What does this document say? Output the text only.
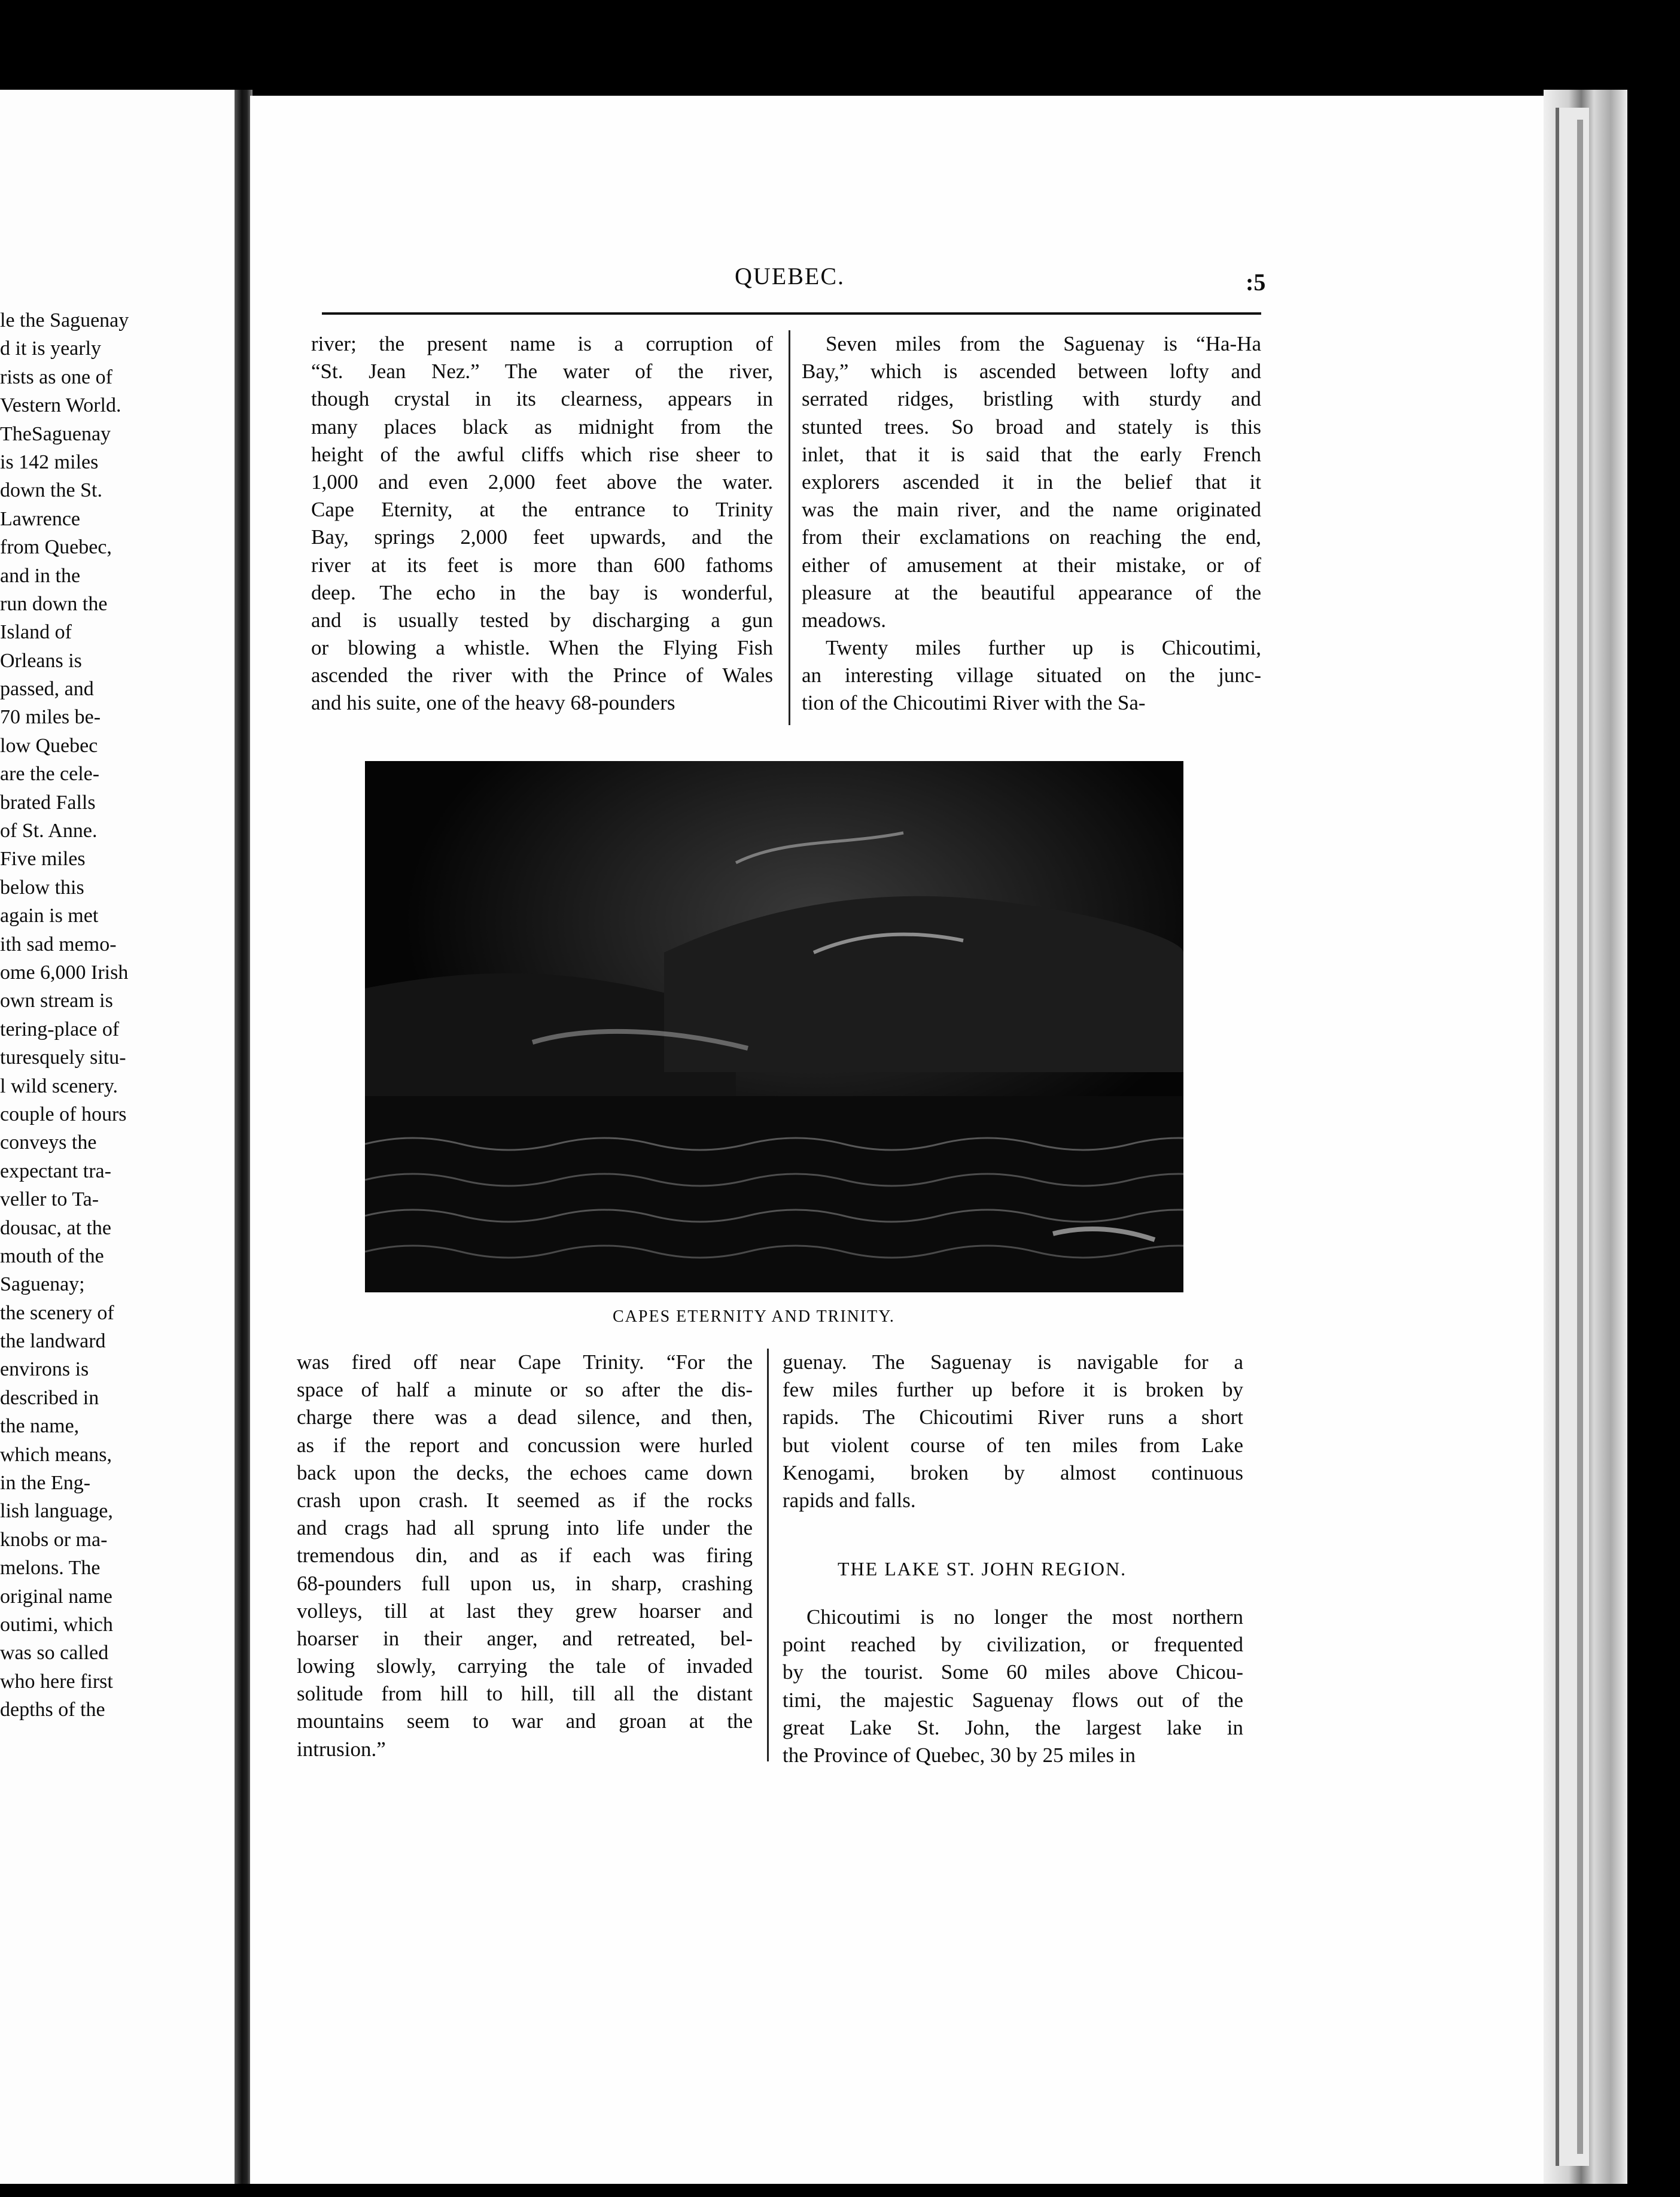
le the Saguenay
d it is yearly
rists as one of
Vestern World.
TheSaguenay
is 142 miles
down the St.
Lawrence
from Quebec,
and in the
run down the
Island of
Orleans is
passed, and
70 miles be-
low Quebec
are the cele-
brated Falls
of St. Anne.
Five miles
below this
again is met
ith sad memo-
ome 6,000 Irish
own stream is
tering-place of
turesquely situ-
l wild scenery.
couple of hours
conveys the
expectant tra-
veller to Ta-
dousac, at the
mouth of the
Saguenay;
the scenery of
the landward
environs is
described in
the name,
which means,
in the Eng-
lish language,
knobs or ma-
melons. The
original name
outimi, which
was so called
who here first
depths of the
QUEBEC.	:5
river; the present name is a corruption of
“St. Jean Nez.” The water of the river,
though crystal in its clearness, appears in
many places black as midnight from the
height of the awful cliffs which rise sheer to
1,000 and even 2,000 feet above the water.
Cape Eternity, at the entrance to Trinity
Bay, springs 2,000 feet upwards, and the
river at its feet is more than 600 fathoms
deep. The echo in the bay is wonderful,
and is usually tested by discharging a gun
or blowing a whistle. When the Flying Fish
ascended the river with the Prince of Wales
and his suite, one of the heavy 68-pounders
Seven miles from the Saguenay is “Ha-Ha
Bay,” which is ascended between lofty and
serrated ridges, bristling with sturdy and
stunted trees. So broad and stately is this
inlet, that it is said that the early French
explorers ascended it in the belief that it
was the main river, and the name originated
from their exclamations on reaching the end,
either of amusement at their mistake, or of
pleasure at the beautiful appearance of the
meadows.
Twenty miles further up is Chicoutimi,
an interesting village situated on the junc-
tion of the Chicoutimi River with the Sa-
CAPES ETERNITY AND TRINITY.
was fired off near Cape Trinity. “For the
space of half a minute or so after the dis-
charge there was a dead silence, and then,
as if the report and concussion were hurled
back upon the decks, the echoes came down
crash upon crash. It seemed as if the rocks
and crags had all sprung into life under the
tremendous din, and as if each was firing
68-pounders full upon us, in sharp, crashing
volleys, till at last they grew hoarser and
hoarser in their anger, and retreated, bel-
lowing slowly, carrying the tale of invaded
solitude from hill to hill, till all the distant
mountains seem to war and groan at the
intrusion.”
guenay. The Saguenay is navigable for a
few miles further up before it is broken by
rapids. The Chicoutimi River runs a short
but violent course of ten miles from Lake
Kenogami, broken by almost continuous
rapids and falls.
THE LAKE ST. JOHN REGION.
Chicoutimi is no longer the most northern
point reached by civilization, or frequented
by the tourist. Some 60 miles above Chicou-
timi, the majestic Saguenay flows out of the
great Lake St. John, the largest lake in
the Province of Quebec, 30 by 25 miles in
